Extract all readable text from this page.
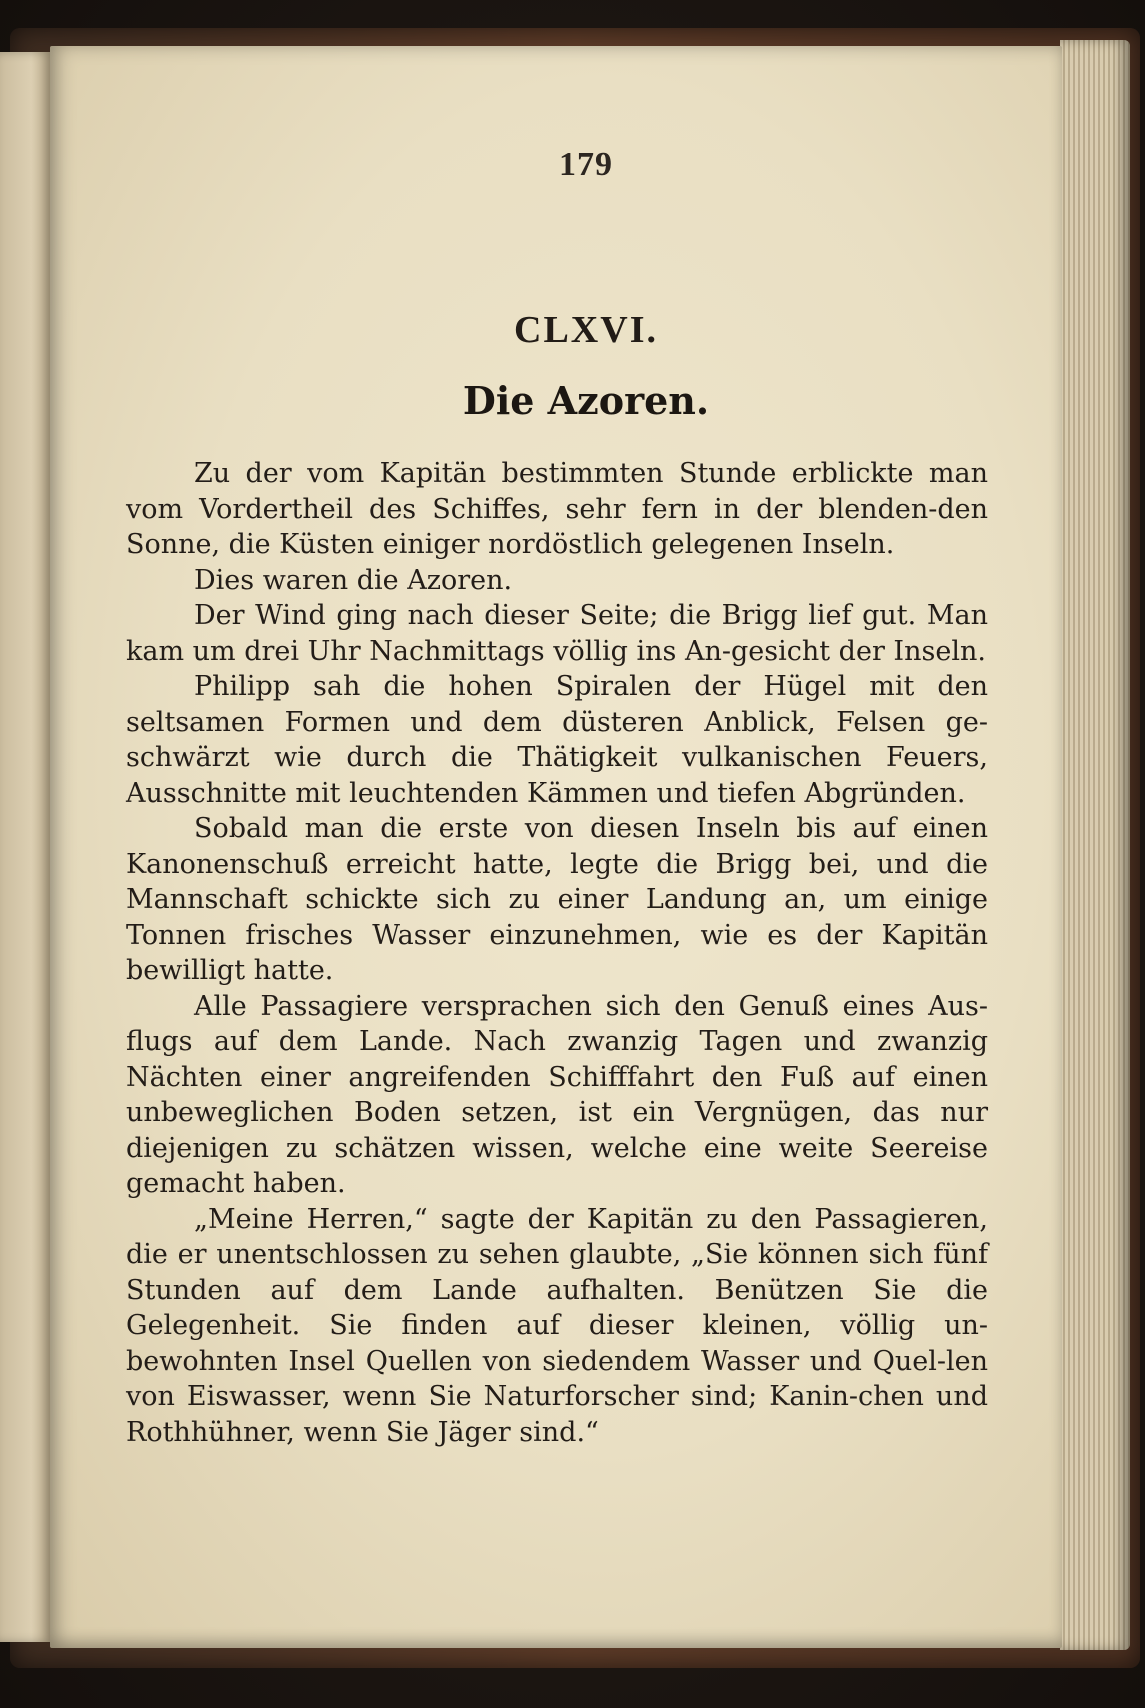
179
CLXVI.
Die Azoren.

Zu der vom Kapitän bestimmten Stunde erblickte man vom Vordertheil des Schiffes, sehr fern in der blenden-den Sonne, die Küsten einiger nordöstlich gelegenen Inseln.

Dies waren die Azoren.

Der Wind ging nach dieser Seite; die Brigg lief gut. Man kam um drei Uhr Nachmittags völlig ins An-gesicht der Inseln.

Philipp sah die hohen Spiralen der Hügel mit den seltsamen Formen und dem düsteren Anblick, Felsen ge-schwärzt wie durch die Thätigkeit vulkanischen Feuers, Ausschnitte mit leuchtenden Kämmen und tiefen Abgründen.

Sobald man die erste von diesen Inseln bis auf einen Kanonenschuß erreicht hatte, legte die Brigg bei, und die Mannschaft schickte sich zu einer Landung an, um einige Tonnen frisches Wasser einzunehmen, wie es der Kapitän bewilligt hatte.

Alle Passagiere versprachen sich den Genuß eines Aus-flugs auf dem Lande. Nach zwanzig Tagen und zwanzig Nächten einer angreifenden Schifffahrt den Fuß auf einen unbeweglichen Boden setzen, ist ein Vergnügen, das nur diejenigen zu schätzen wissen, welche eine weite Seereise gemacht haben.

„Meine Herren,“ sagte der Kapitän zu den Passagieren, die er unentschlossen zu sehen glaubte, „Sie können sich fünf Stunden auf dem Lande aufhalten. Benützen Sie die Gelegenheit. Sie finden auf dieser kleinen, völlig un-bewohnten Insel Quellen von siedendem Wasser und Quel-len von Eiswasser, wenn Sie Naturforscher sind; Kanin-chen und Rothhühner, wenn Sie Jäger sind.“
